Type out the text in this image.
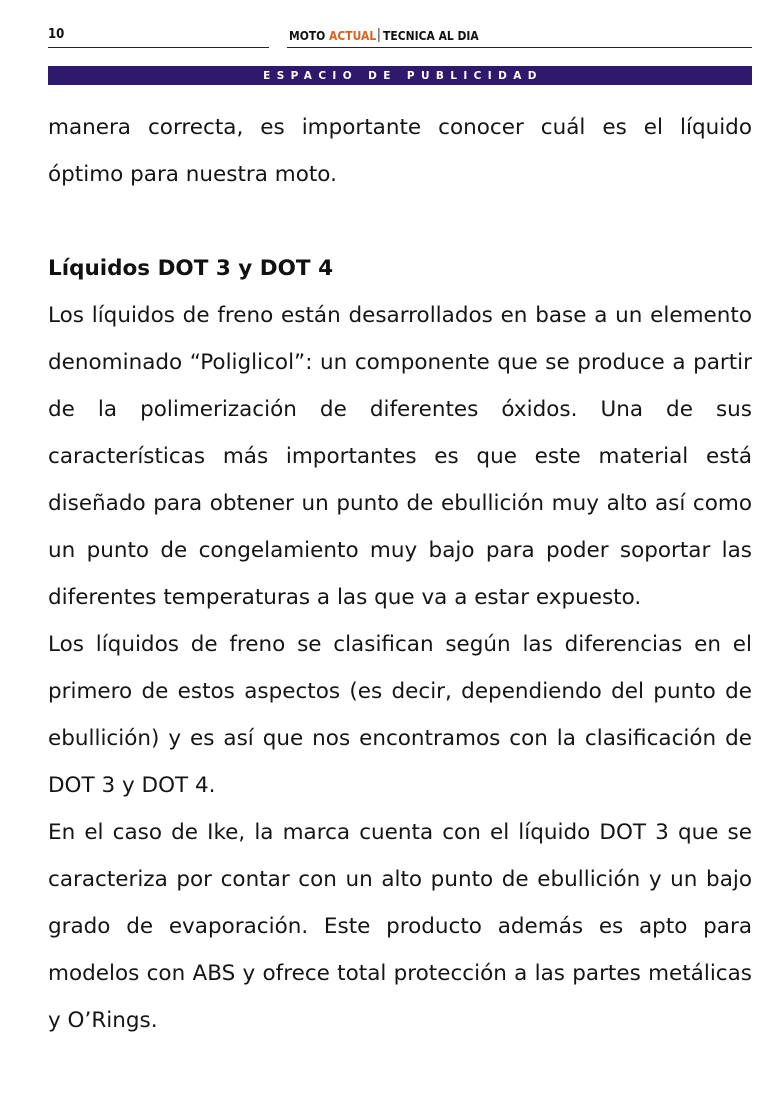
10	MOTO ACTUAL TECNICA AL DIA
ESPACIO DE PUBLICIDAD

manera correcta, es importante conocer cuál es el líquido óptimo para nuestra moto.

Líquidos DOT 3 y DOT 4

Los líquidos de freno están desarrollados en base a un elemento denominado “Poliglicol”: un componente que se produce a partir de la polimerización de diferentes óxidos. Una de sus características más importantes es que este material está diseñado para obtener un punto de ebullición muy alto así como un punto de congelamiento muy bajo para poder soportar las diferentes temperaturas a las que va a estar expuesto.

Los líquidos de freno se clasifican según las diferencias en el primero de estos aspectos (es decir, dependiendo del punto de ebullición) y es así que nos encontramos con la clasificación de DOT 3 y DOT 4.

En el caso de Ike, la marca cuenta con el líquido DOT 3 que se caracteriza por contar con un alto punto de ebullición y un bajo grado de evaporación. Este producto además es apto para modelos con ABS y ofrece total protección a las partes metálicas y O’Rings.
